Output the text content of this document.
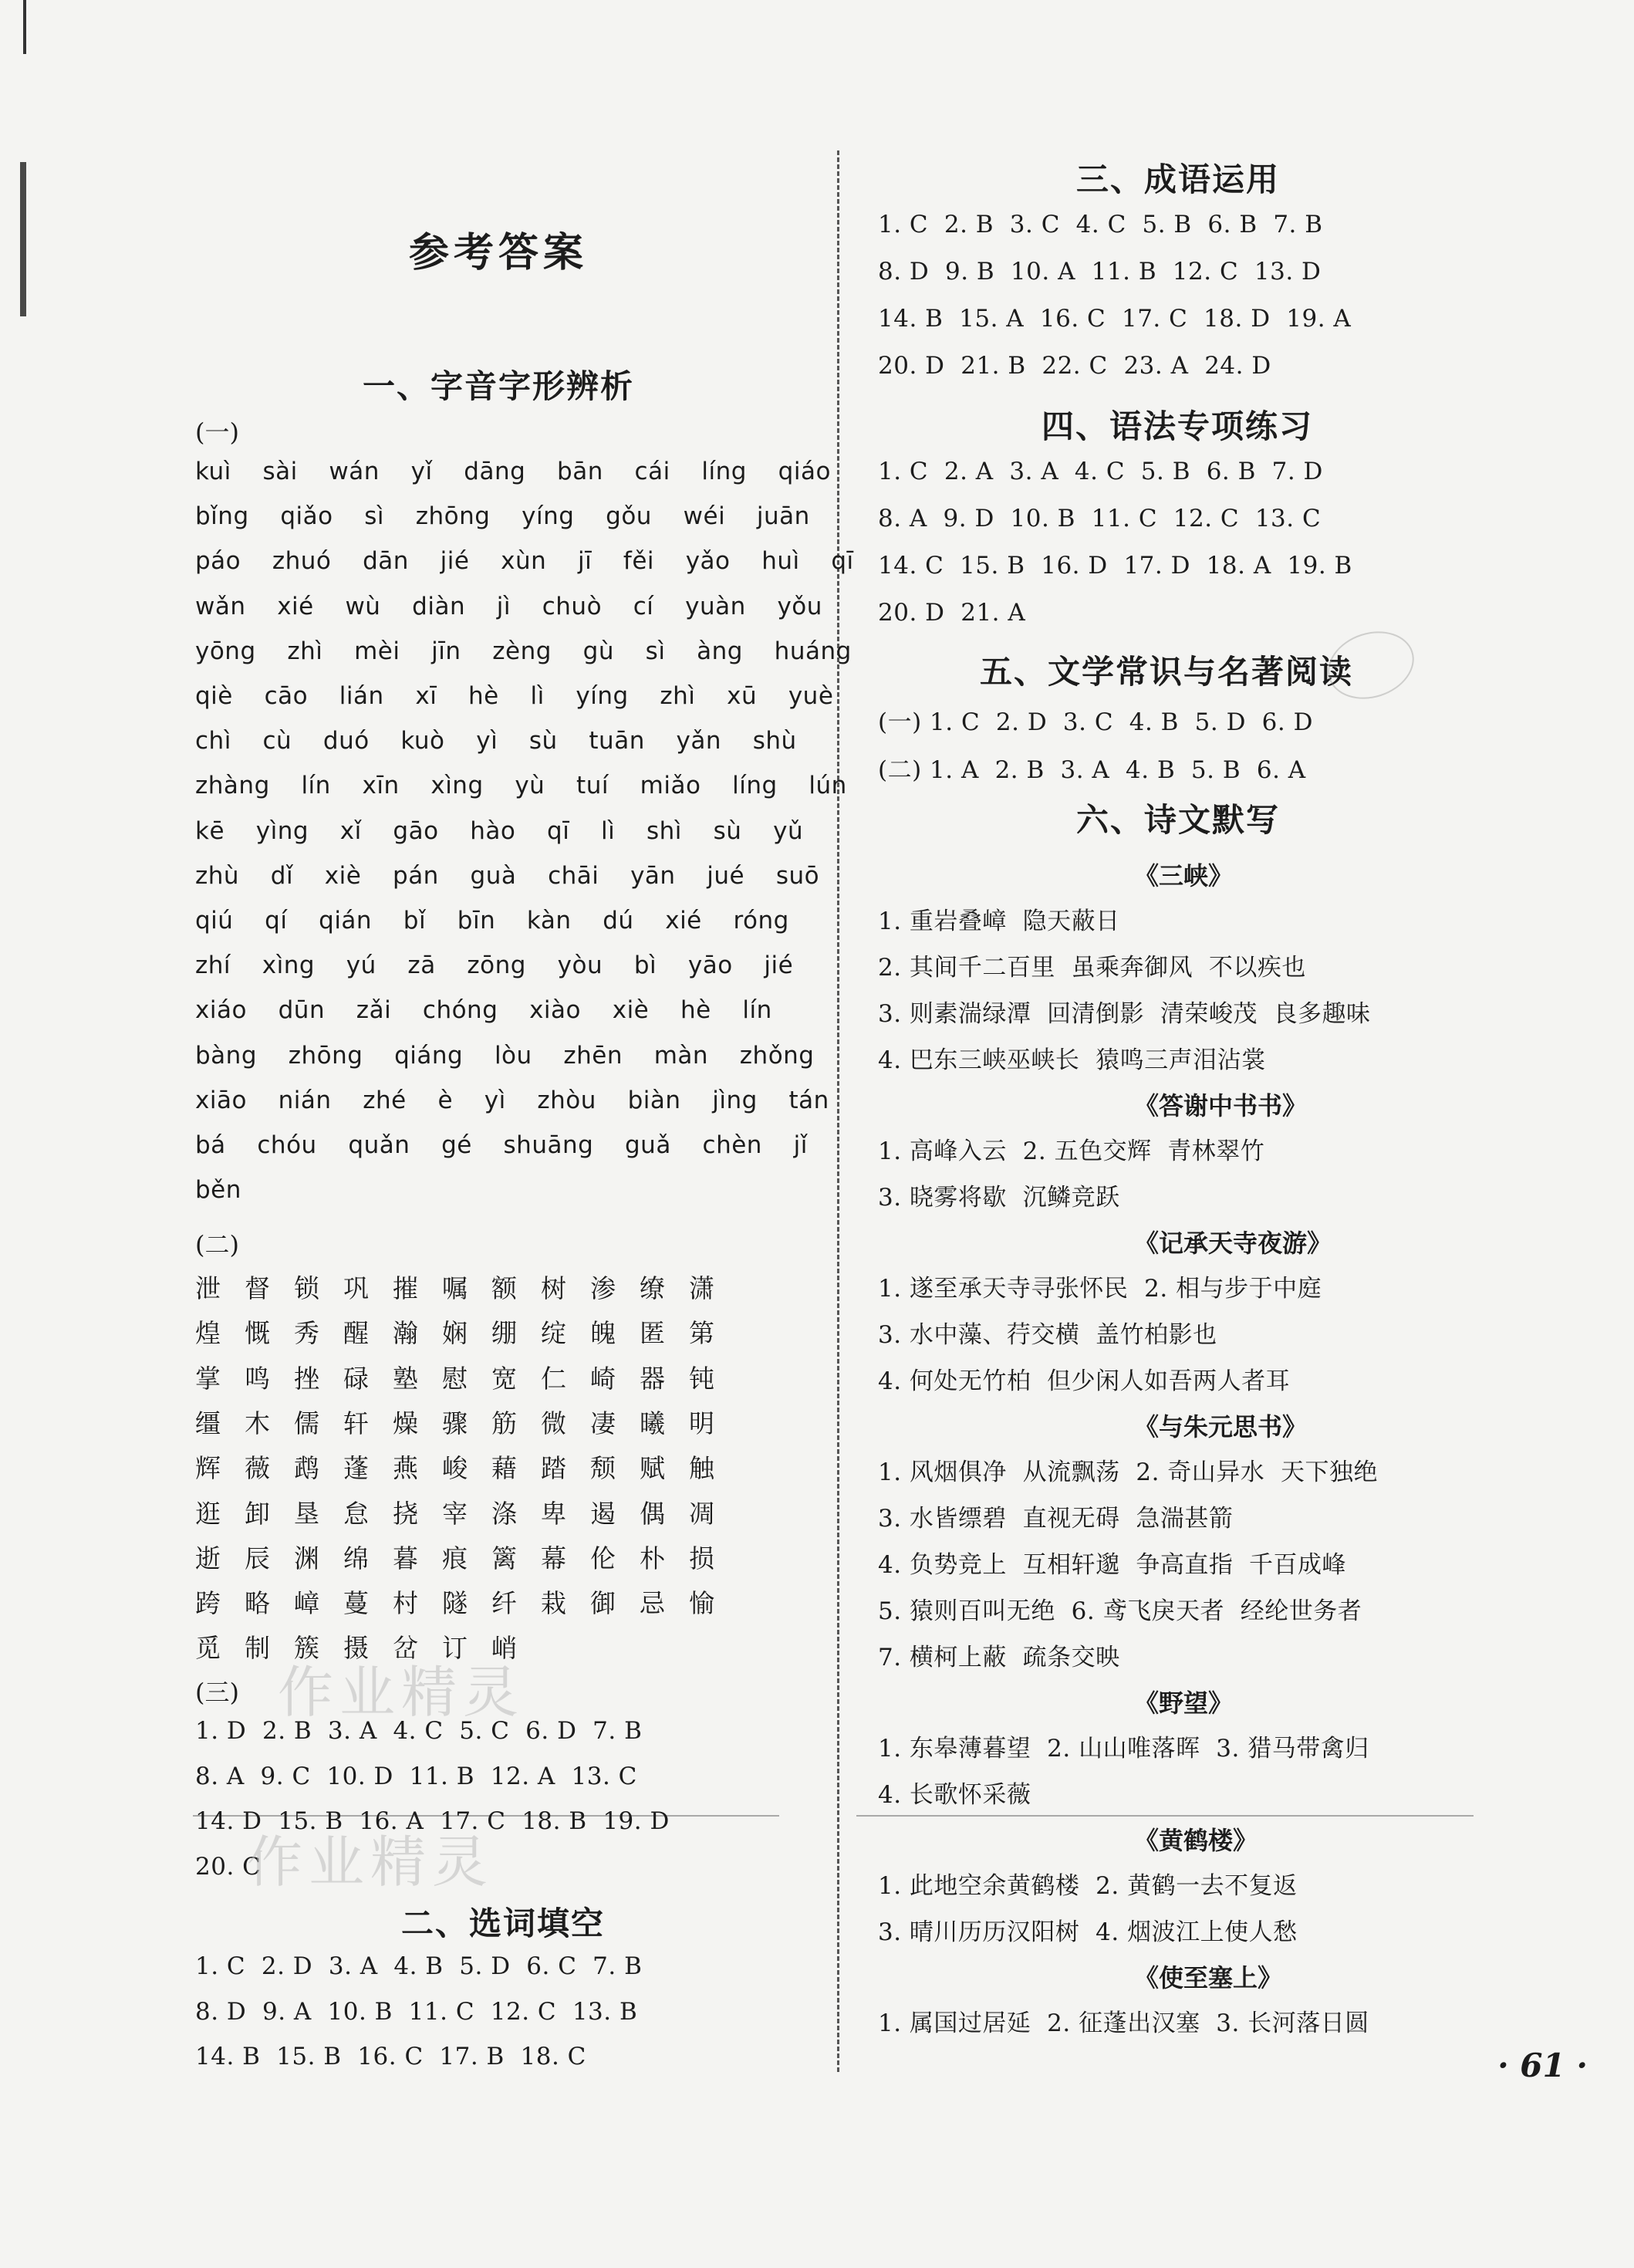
参考答案
一、字音字形辨析
(一)
kuì  sài  wán  yǐ  dāng  bān  cái  líng  qiáo
bǐng  qiǎo  sì  zhōng  yíng  gǒu  wéi  juān
páo  zhuó  dān  jié  xùn  jī  fěi  yǎo  huì  qī
wǎn  xié  wù  diàn  jì  chuò  cí  yuàn  yǒu
yōng  zhì  mèi  jīn  zèng  gù  sì  àng  huáng
qiè  cāo  lián  xī  hè  lì  yíng  zhì  xū  yuè
chì  cù  duó  kuò  yì  sù  tuān  yǎn  shù
zhàng  lín  xīn  xìng  yù  tuí  miǎo  líng  lún
kē  yìng  xǐ  gāo  hào  qī  lì  shì  sù  yǔ
zhù  dǐ  xiè  pán  guà  chāi  yān  jué  suō
qiú  qí  qián  bǐ  bīn  kàn  dú  xié  róng
zhí  xìng  yú  zā  zōng  yòu  bì  yāo  jié
xiáo  dūn  zǎi  chóng  xiào  xiè  hè  lín
bàng  zhōng  qiáng  lòu  zhēn  màn  zhǒng
xiāo  nián  zhé  è  yì  zhòu  biàn  jìng  tán
bá  chóu  quǎn  gé  shuāng  guǎ  chèn  jǐ
běn
(二)
泄督锁巩摧嘱额树渗缭潇
煌慨秀醒瀚娴绷绽魄匿第
掌鸣挫碌塾慰宽仁崎器钝
缰木儒轩燥骤筋微凄曦明
辉薇鹉蓬燕峻藉踏颓赋触
逛卸垦怠挠宰涤卑遏偶凋
逝辰渊绵暮痕篱幕伦朴损
跨略嶂蔓村隧纤栽御忌愉
觅制簇摄岔订峭
(三)
1. D  2. B  3. A  4. C  5. C  6. D  7. B
8. A  9. C  10. D  11. B  12. A  13. C
14. D  15. B  16. A  17. C  18. B  19. D
20. C
二、选词填空
1. C  2. D  3. A  4. B  5. D  6. C  7. B
8. D  9. A  10. B  11. C  12. C  13. B
14. B  15. B  16. C  17. B  18. C
三、成语运用
1. C  2. B  3. C  4. C  5. B  6. B  7. B
8. D  9. B  10. A  11. B  12. C  13. D
14. B  15. A  16. C  17. C  18. D  19. A
20. D  21. B  22. C  23. A  24. D
四、语法专项练习
1. C  2. A  3. A  4. C  5. B  6. B  7. D
8. A  9. D  10. B  11. C  12. C  13. C
14. C  15. B  16. D  17. D  18. A  19. B
20. D  21. A
五、文学常识与名著阅读
(一) 1. C  2. D  3. C  4. B  5. D  6. D
(二) 1. A  2. B  3. A  4. B  5. B  6. A
六、诗文默写
《三峡》
1. 重岩叠嶂  隐天蔽日
2. 其间千二百里  虽乘奔御风  不以疾也
3. 则素湍绿潭  回清倒影  清荣峻茂  良多趣味
4. 巴东三峡巫峡长  猿鸣三声泪沾裳
《答谢中书书》
1. 高峰入云  2. 五色交辉  青林翠竹
3. 晓雾将歇  沉鳞竞跃
《记承天寺夜游》
1. 遂至承天寺寻张怀民  2. 相与步于中庭
3. 水中藻、荇交横  盖竹柏影也
4. 何处无竹柏  但少闲人如吾两人者耳
《与朱元思书》
1. 风烟俱净  从流飘荡  2. 奇山异水  天下独绝
3. 水皆缥碧  直视无碍  急湍甚箭
4. 负势竞上  互相轩邈  争高直指  千百成峰
5. 猿则百叫无绝  6. 鸢飞戾天者  经纶世务者
7. 横柯上蔽  疏条交映
《野望》
1. 东皋薄暮望  2. 山山唯落晖  3. 猎马带禽归
4. 长歌怀采薇
《黄鹤楼》
1. 此地空余黄鹤楼  2. 黄鹤一去不复返
3. 晴川历历汉阳树  4. 烟波江上使人愁
《使至塞上》
1. 属国过居延  2. 征蓬出汉塞  3. 长河落日圆
作业精灵
作业精灵
· 61 ·
